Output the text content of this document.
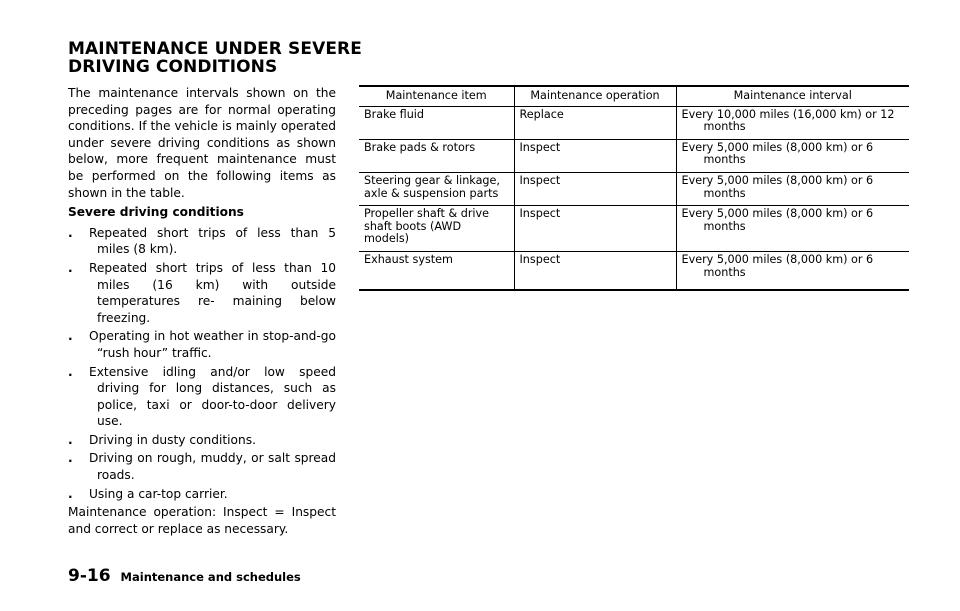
MAINTENANCE UNDER SEVERE
DRIVING CONDITIONS

The maintenance intervals shown on the preceding pages are for normal operating conditions. If the vehicle is mainly operated under severe driving conditions as shown below, more frequent maintenance must be performed on the following items as shown in the table.

Severe driving conditions

. Repeated short trips of less than 5 miles (8 km).
. Repeated short trips of less than 10 miles (16 km) with outside temperatures re- maining below freezing.
. Operating in hot weather in stop-and-go “rush hour” traffic.
. Extensive idling and/or low speed driving for long distances, such as police, taxi or door-to-door delivery use.
. Driving in dusty conditions.
. Driving on rough, muddy, or salt spread roads.
. Using a car-top carrier.

Maintenance operation: Inspect = Inspect and correct or replace as necessary.

Maintenance item	Maintenance operation	Maintenance interval
Brake fluid	Replace	Every 10,000 miles (16,000 km) or 12
months

Brake pads & rotors	Inspect	Every 5,000 miles (8,000 km) or 6
months

Steering gear & linkage, axle & suspension parts	Inspect	Every 5,000 miles (8,000 km) or 6
months

Propeller shaft & drive shaft boots (AWD models)	Inspect	Every 5,000 miles (8,000 km) or 6
months

Exhaust system	Inspect	Every 5,000 miles (8,000 km) or 6
months
9-16 Maintenance and schedules
